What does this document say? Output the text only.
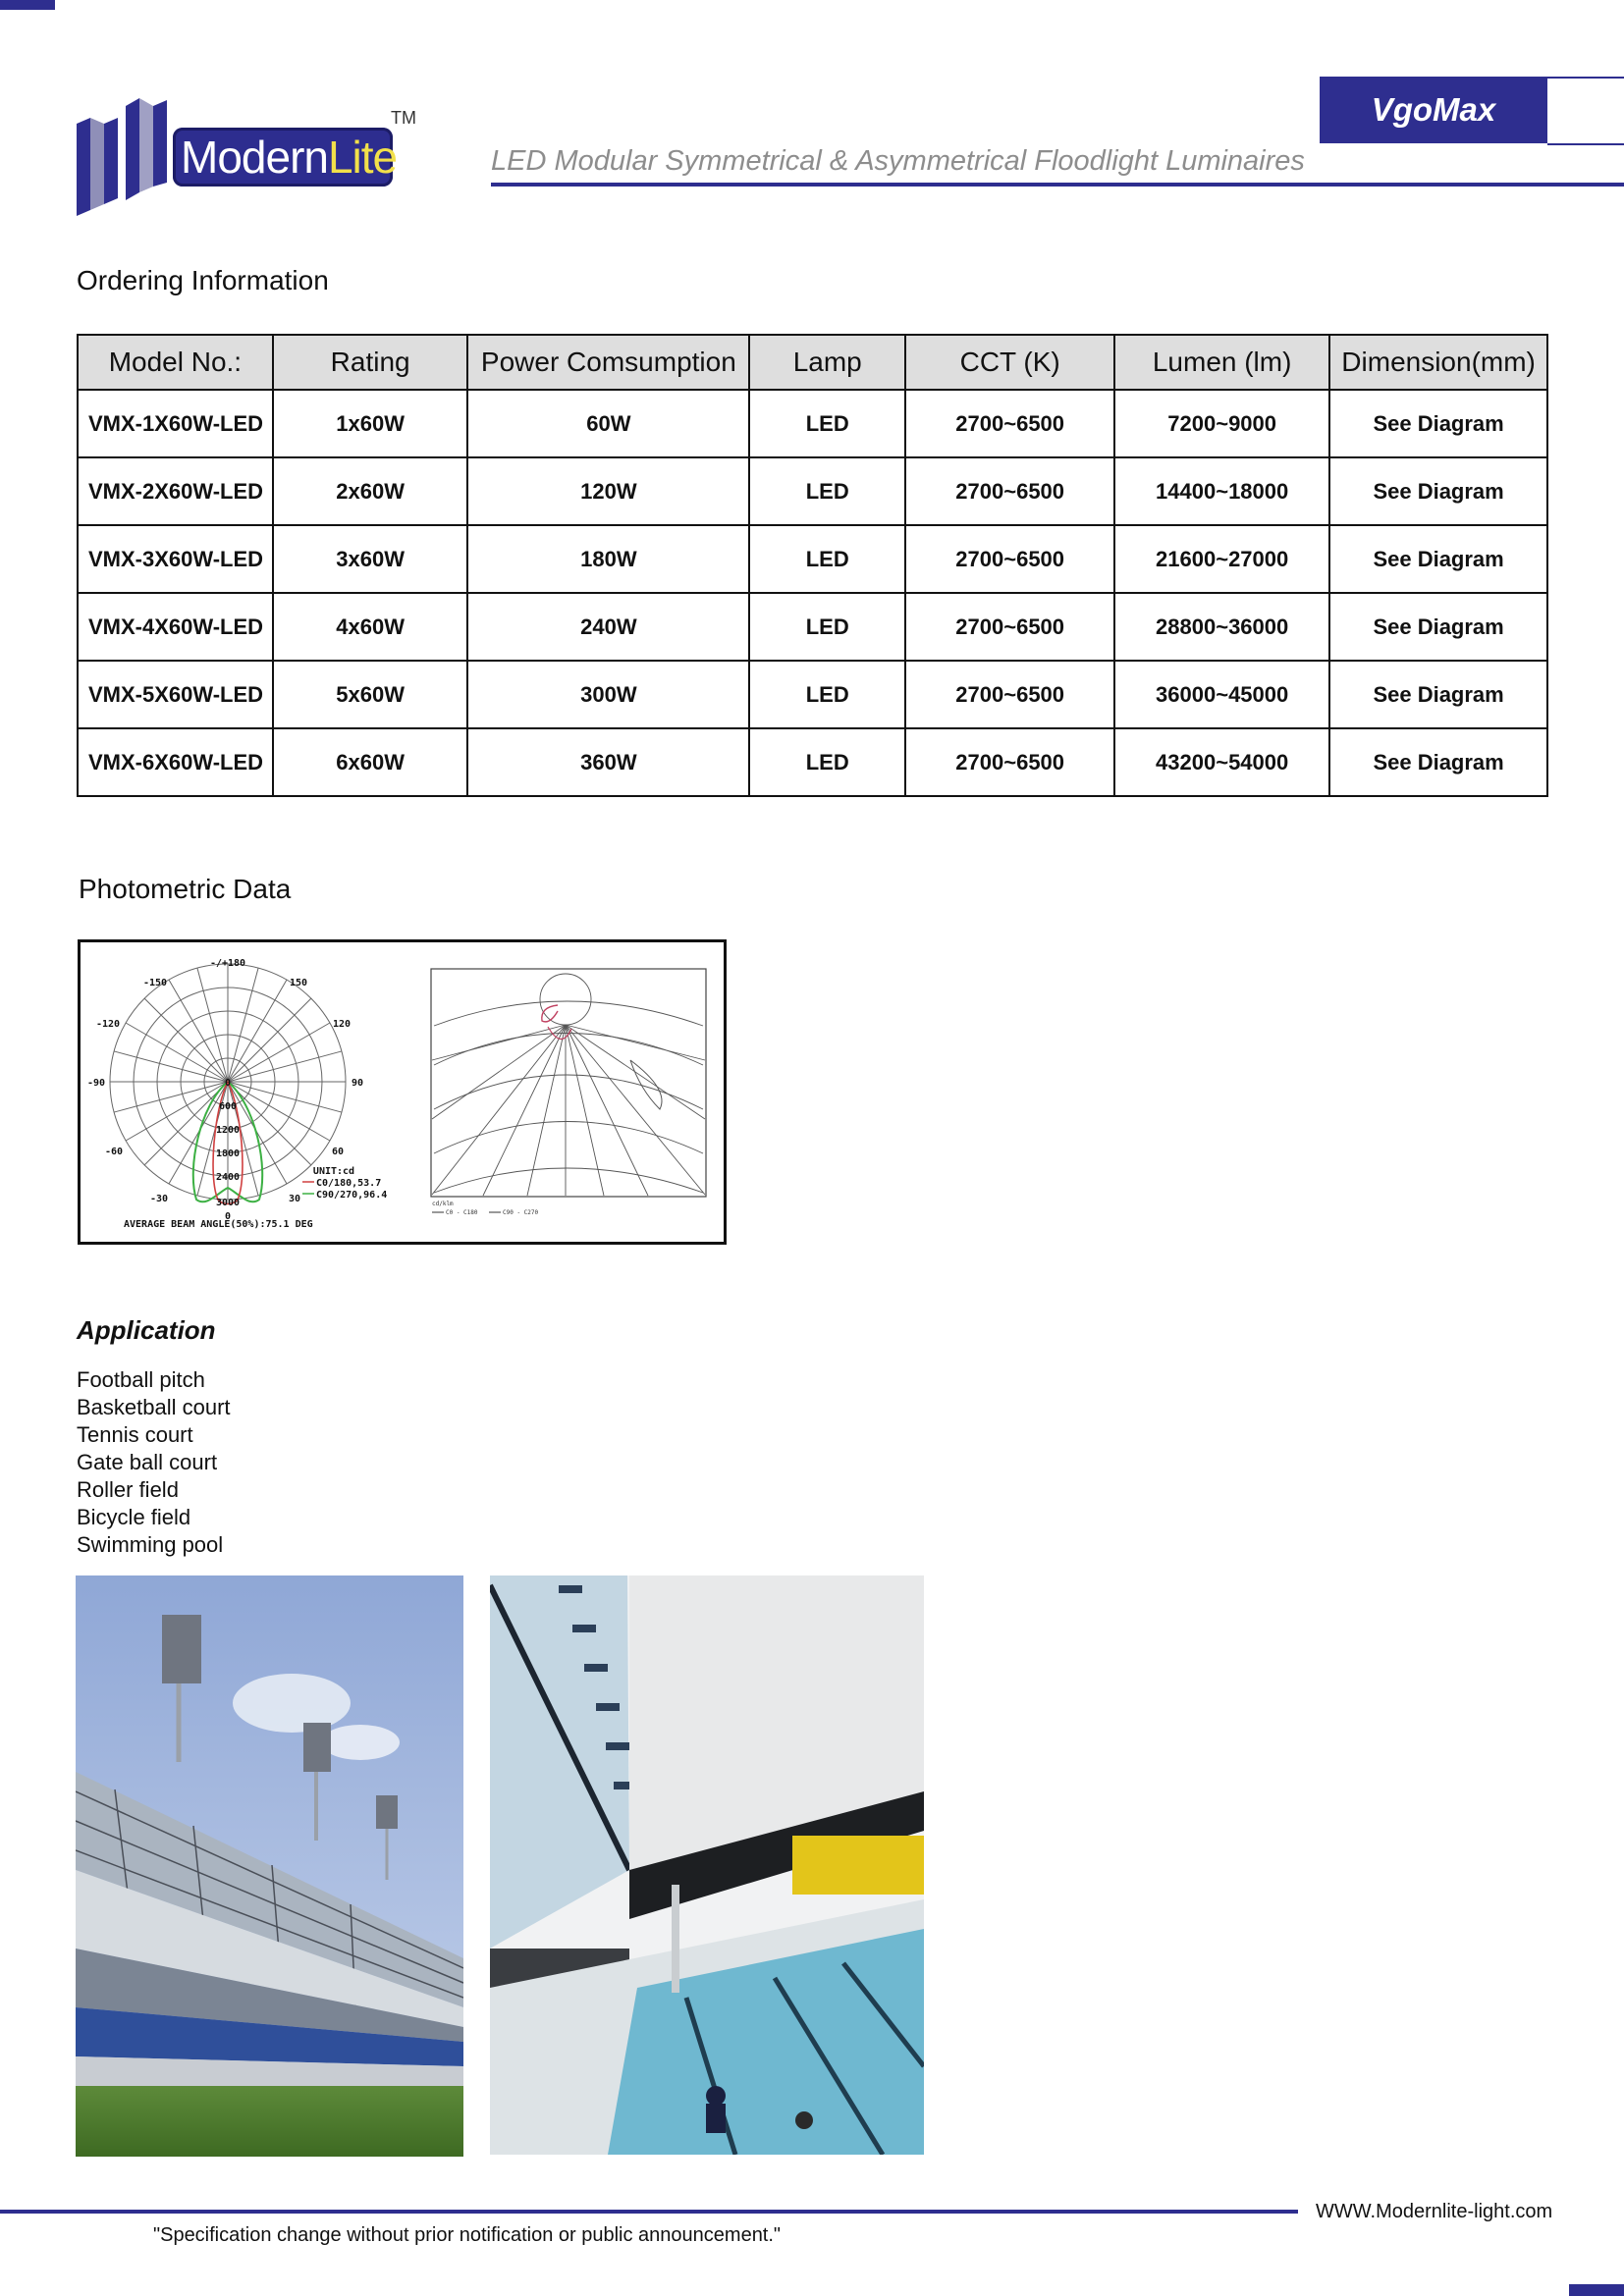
ModernLite
TM	VgoMax
LED Modular Symmetrical & Asymmetrical Floodlight Luminaires
Ordering Information
Model No.:	Rating	Power Comsumption	Lamp	CCT (K)	Lumen (lm)	Dimension(mm)
VMX-1X60W-LED	1x60W	60W	LED	2700~6500	7200~9000	See Diagram
VMX-2X60W-LED	2x60W	120W	LED	2700~6500	14400~18000	See Diagram
VMX-3X60W-LED	3x60W	180W	LED	2700~6500	21600~27000	See Diagram
VMX-4X60W-LED	4x60W	240W	LED	2700~6500	28800~36000	See Diagram
VMX-5X60W-LED	5x60W	300W	LED	2700~6500	36000~45000	See Diagram
VMX-6X60W-LED	6x60W	360W	LED	2700~6500	43200~54000	See Diagram
Photometric Data
-/+180
-150	150
-120	120
-90	90
-60	60
-30	30
0
0
600
1200
1800
2400
3000
UNIT:cd
C0/180,53.7
C90/270,96.4
AVERAGE BEAM ANGLE(50%):75.1 DEG
cd/klm
C0 - C180	C90 - C270
Application
Football pitch
Basketball court
Tennis court
Gate ball court
Roller field
Bicycle field
Swimming pool
WWW.Modernlite-light.com
"Specification change without prior notification or public announcement."
